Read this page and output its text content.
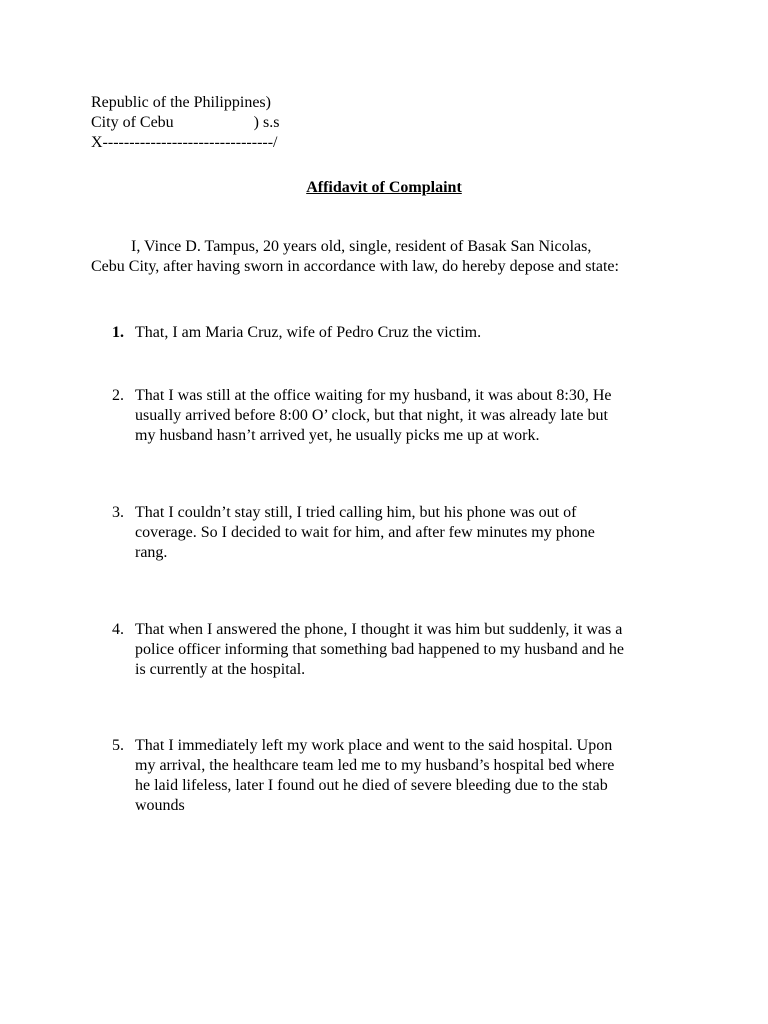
Republic of the Philippines)
City of Cebu                    ) s.s
X--------------------------------/
Affidavit of Complaint
I, Vince D. Tampus, 20 years old, single, resident of Basak San Nicolas,
Cebu City, after having sworn in accordance with law, do hereby depose and state:
1. That, I am Maria Cruz, wife of Pedro Cruz the victim.
2. That I was still at the office waiting for my husband, it was about 8:30, He
usually arrived before 8:00 O’ clock, but that night, it was already late but
my husband hasn’t arrived yet, he usually picks me up at work.
3. That I couldn’t stay still, I tried calling him, but his phone was out of
coverage. So I decided to wait for him, and after few minutes my phone
rang.
4. That when I answered the phone, I thought it was him but suddenly, it was a
police officer informing that something bad happened to my husband and he
is currently at the hospital.
5. That I immediately left my work place and went to the said hospital. Upon
my arrival, the healthcare team led me to my husband’s hospital bed where
he laid lifeless, later I found out he died of severe bleeding due to the stab
wounds
